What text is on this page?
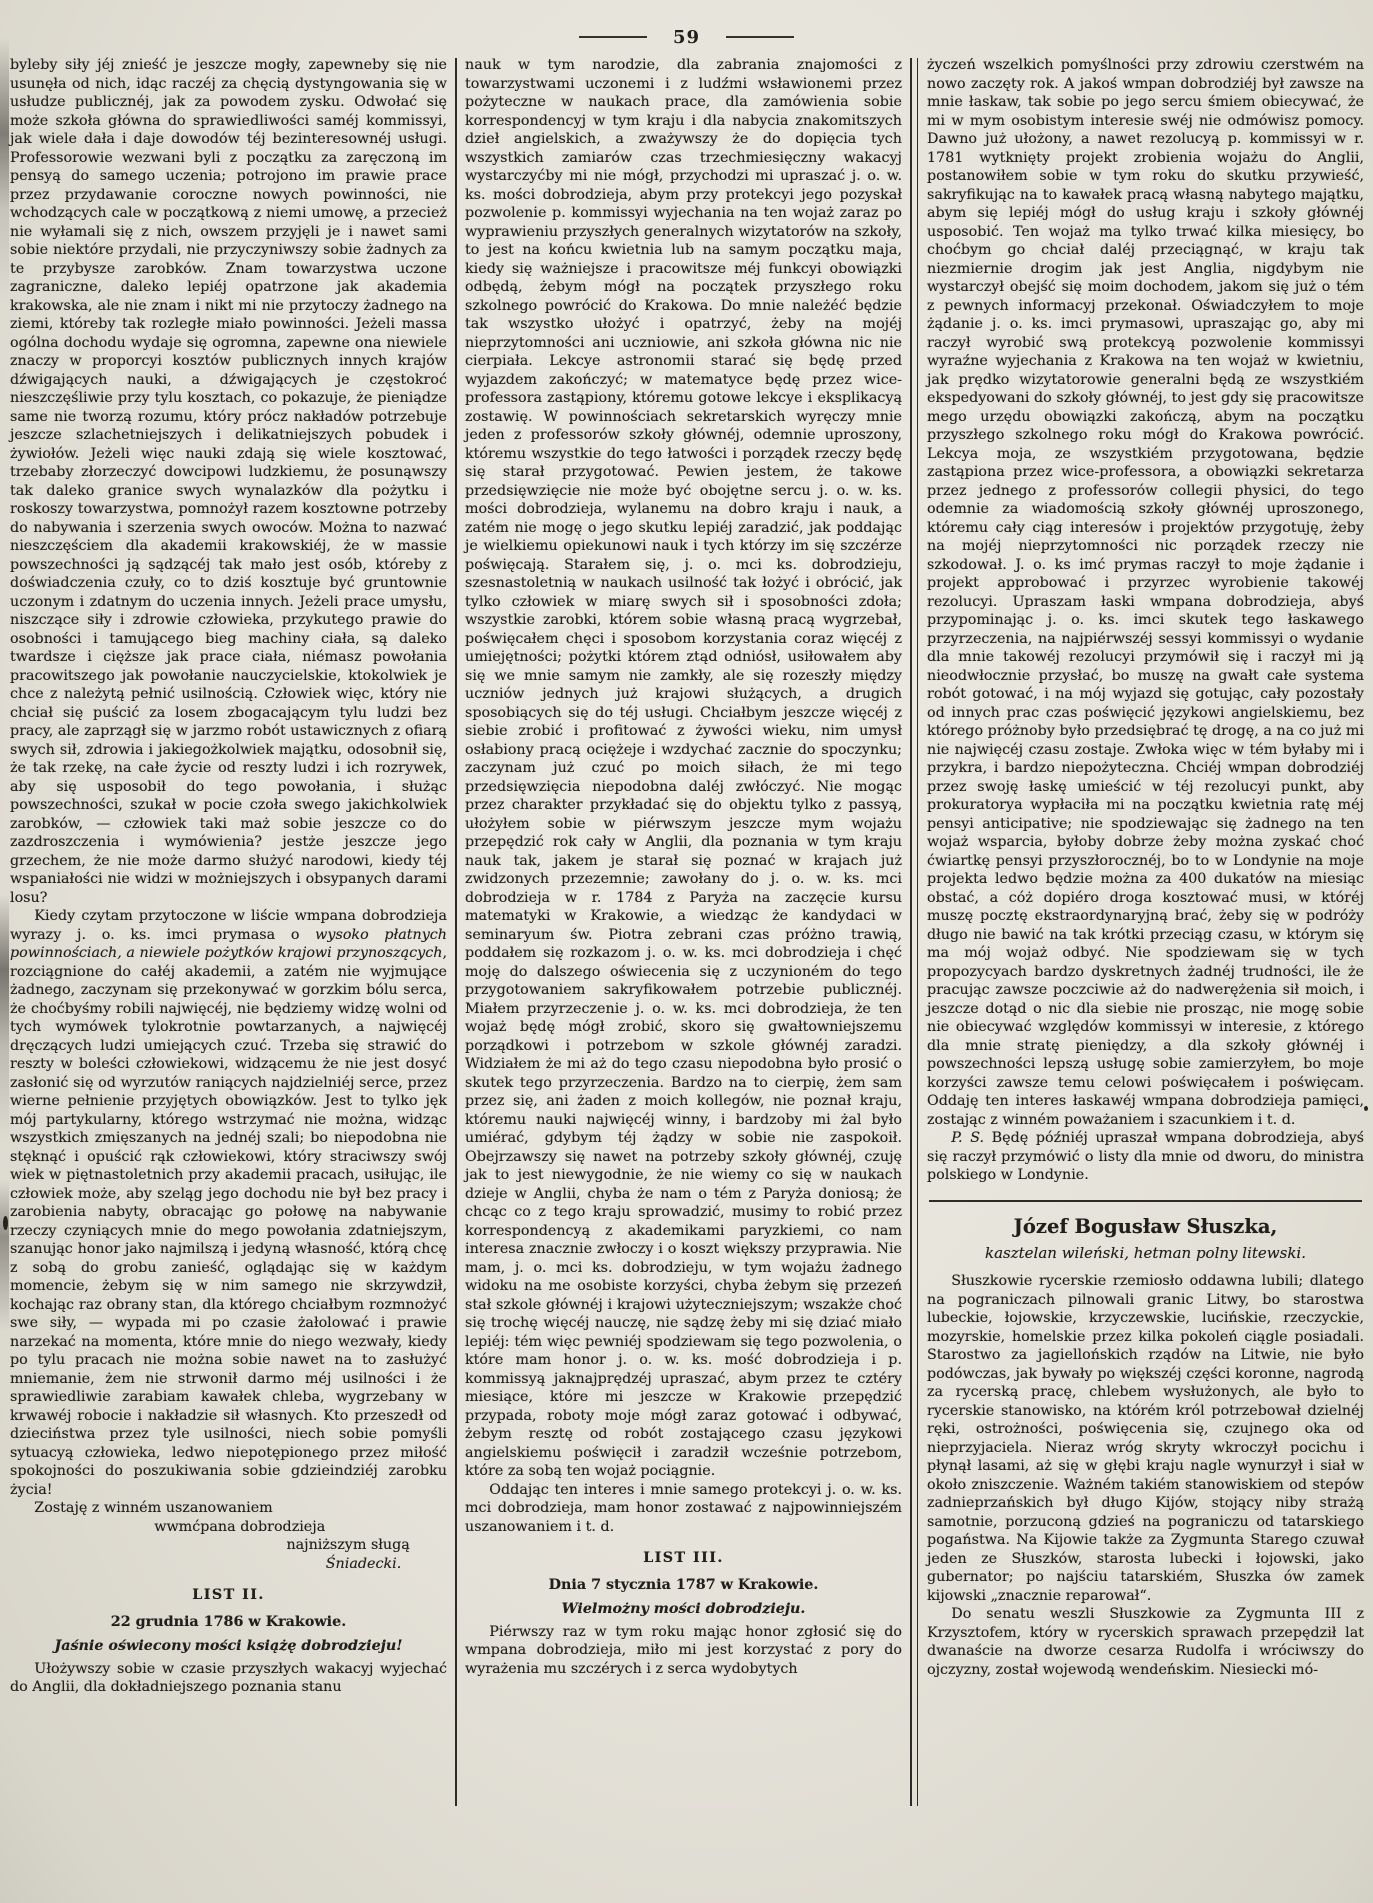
59

byleby siły jéj znieść je jeszcze mogły, zapewneby się nie usunęła od nich, idąc raczéj za chęcią dystyngowania się w usłudze publicznéj, jak za powodem zysku. Odwołać się może szkoła główna do sprawiedliwości saméj kommissyi, jak wiele dała i daje dowodów téj bezinteresownéj usługi. Professorowie wezwani byli z początku za zaręczoną im pensyą do samego uczenia; potrojono im prawie prace przez przydawanie coroczne nowych powinności, nie wchodzących cale w początkową z niemi umowę, a przecież nie wyłamali się z nich, owszem przyjęli je i nawet sami sobie niektóre przydali, nie przyczyniwszy sobie żadnych za te przybysze zarobków. Znam towarzystwa uczone zagraniczne, daleko lepiéj opatrzone jak akademia krakowska, ale nie znam i nikt mi nie przytoczy żadnego na ziemi, któreby tak rozległe miało powinności. Jeżeli massa ogólna dochodu wydaje się ogromna, zapewne ona niewiele znaczy w proporcyi kosztów publicznych innych krajów dźwigających nauki, a dźwigających je częstokroć nieszczęśliwie przy tylu kosztach, co pokazuje, że pieniądze same nie tworzą rozumu, który prócz nakładów potrzebuje jeszcze szlachetniejszych i delikatniejszych pobudek i żywiołów. Jeżeli więc nauki zdają się wiele kosztować, trzebaby złorzeczyć dowcipowi ludzkiemu, że posunąwszy tak daleko granice swych wynalazków dla pożytku i roskoszy towarzystwa, pomnożył razem kosztowne potrzeby do nabywania i szerzenia swych owoców. Można to nazwać nieszczęściem dla akademii krakowskiéj, że w massie powszechności ją sądzącéj tak mało jest osób, któreby z doświadczenia czuły, co to dziś kosztuje być gruntownie uczonym i zdatnym do uczenia innych. Jeżeli prace umysłu, niszczące siły i zdrowie człowieka, przykutego prawie do osobności i tamującego bieg machiny ciała, są daleko twardsze i cięższe jak prace ciała, niémasz powołania pracowitszego jak powołanie nauczycielskie, ktokolwiek je chce z należytą pełnić usilnością. Człowiek więc, który nie chciał się puścić za losem zbogacającym tylu ludzi bez pracy, ale zaprzągł się w jarzmo robót ustawicznych z ofiarą swych sił, zdrowia i jakiegożkolwiek majątku, odosobnił się, że tak rzekę, na całe życie od reszty ludzi i ich rozrywek, aby się usposobił do tego powołania, i służąc powszechności, szukał w pocie czoła swego jakichkolwiek zarobków, — człowiek taki maż sobie jeszcze co do zazdroszczenia i wymówienia? jestże jeszcze jego grzechem, że nie może darmo służyć narodowi, kiedy téj wspaniałości nie widzi w możniejszych i obsypanych darami losu?

Kiedy czytam przytoczone w liście wmpana dobrodzieja wyrazy j. o. ks. imci prymasa o wysoko płatnych powinnościach, a niewiele pożytków krajowi przynoszących, rozciągnione do całéj akademii, a zatém nie wyjmujące żadnego, zaczynam się przekonywać w gorzkim bólu serca, że choćbyśmy robili najwięcéj, nie będziemy widzę wolni od tych wymówek tylokrotnie powtarzanych, a najwięcéj dręczących ludzi umiejących czuć. Trzeba się strawić do reszty w boleści człowiekowi, widzącemu że nie jest dosyć zasłonić się od wyrzutów raniących najdzielniéj serce, przez wierne pełnienie przyjętych obowiązków. Jest to tylko jęk mój partykularny, którego wstrzymać nie można, widząc wszystkich zmięszanych na jednéj szali; bo niepodobna nie stęknąć i opuścić rąk człowiekowi, który straciwszy swój wiek w piętnastoletnich przy akademii pracach, usiłując, ile człowiek może, aby szeląg jego dochodu nie był bez pracy i zarobienia nabyty, obracając go połowę na nabywanie rzeczy czyniących mnie do mego powołania zdatniejszym, szanując honor jako najmilszą i jedyną własność, którą chcę z sobą do grobu zanieść, oglądając się w każdym momencie, żebym się w nim samego nie skrzywdził, kochając raz obrany stan, dla którego chciałbym rozmnożyć swe siły, — wypada mi po czasie żałolować i prawie narzekać na momenta, które mnie do niego wezwały, kiedy po tylu pracach nie można sobie nawet na to zasłużyć mniemanie, żem nie strwonił darmo méj usilności i że sprawiedliwie zarabiam kawałek chleba, wygrzebany w krwawéj robocie i nakładzie sił własnych. Kto przeszedł od dzieciństwa przez tyle usilności, niech sobie pomyśli sytuacyą człowieka, ledwo niepotępionego przez miłość spokojności do poszukiwania sobie gdzieindziéj zarobku życia!

Zostaję z winném uszanowaniem
wwmćpana dobrodzieja
najniższym sługą
Śniadecki.
LIST II.
22 grudnia 1786 w Krakowie.
Jaśnie oświecony mości książę dobrodzieju!

Ułożywszy sobie w czasie przyszłych wakacyj wyjechać do Anglii, dla dokładniejszego poznania stanu

nauk w tym narodzie, dla zabrania znajomości z towarzystwami uczonemi i z ludźmi wsławionemi przez pożyteczne w naukach prace, dla zamówienia sobie korrespondencyj w tym kraju i dla nabycia znakomitszych dzieł angielskich, a zważywszy że do dopięcia tych wszystkich zamiarów czas trzechmiesięczny wakacyj wystarczyćby mi nie mógł, przychodzi mi upraszać j. o. w. ks. mości dobrodzieja, abym przy protekcyi jego pozyskał pozwolenie p. kommissyi wyjechania na ten wojaż zaraz po wyprawieniu przyszłych generalnych wizytatorów na szkoły, to jest na końcu kwietnia lub na samym początku maja, kiedy się ważniejsze i pracowitsze méj funkcyi obowiązki odbędą, żebym mógł na początek przyszłego roku szkolnego powrócić do Krakowa. Do mnie należéć będzie tak wszystko ułożyć i opatrzyć, żeby na mojéj nieprzytomności ani uczniowie, ani szkoła główna nic nie cierpiała. Lekcye astronomii starać się będę przed wyjazdem zakończyć; w matematyce będę przez wice-professora zastąpiony, któremu gotowe lekcye i eksplikacyą zostawię. W powinnościach sekretarskich wyręczy mnie jeden z professorów szkoły głównéj, odemnie uproszony, któremu wszystkie do tego łatwości i porządek rzeczy będę się starał przygotować. Pewien jestem, że takowe przedsięwzięcie nie może być obojętne sercu j. o. w. ks. mości dobrodzieja, wylanemu na dobro kraju i nauk, a zatém nie mogę o jego skutku lepiéj zaradzić, jak poddając je wielkiemu opiekunowi nauk i tych którzy im się szczérze poświęcają. Starałem się, j. o. mci ks. dobrodzieju, szesnastoletnią w naukach usilność tak łożyć i obrócić, jak tylko człowiek w miarę swych sił i sposobności zdoła; wszystkie zarobki, którem sobie własną pracą wygrzebał, poświęcałem chęci i sposobom korzystania coraz więcéj z umiejętności; pożytki którem ztąd odniósł, usiłowałem aby się we mnie samym nie zamkły, ale się rozeszły między uczniów jednych już krajowi służących, a drugich sposobiących się do téj usługi. Chciałbym jeszcze więcéj z siebie zrobić i profitować z żywości wieku, nim umysł osłabiony pracą ociężeje i wzdychać zacznie do spoczynku; zaczynam już czuć po moich siłach, że mi tego przedsięwzięcia niepodobna daléj zwłóczyć. Nie mogąc przez charakter przykładać się do objektu tylko z passyą, ułożyłem sobie w piérwszym jeszcze mym wojażu przepędzić rok cały w Anglii, dla poznania w tym kraju nauk tak, jakem je starał się poznać w krajach już zwidzonych przezemnie; zawołany do j. o. w. ks. mci dobrodzieja w r. 1784 z Paryża na zaczęcie kursu matematyki w Krakowie, a wiedząc że kandydaci w seminaryum św. Piotra zebrani czas próżno trawią, poddałem się rozkazom j. o. w. ks. mci dobrodzieja i chęć moję do dalszego oświecenia się z uczynioném do tego przygotowaniem sakryfikowałem potrzebie publicznéj. Miałem przyrzeczenie j. o. w. ks. mci dobrodzieja, że ten wojaż będę mógł zrobić, skoro się gwałtowniejszemu porządkowi i potrzebom w szkole głównéj zaradzi. Widziałem że mi aż do tego czasu niepodobna było prosić o skutek tego przyrzeczenia. Bardzo na to cierpię, żem sam przez się, ani żaden z moich kollegów, nie poznał kraju, któremu nauki najwięcéj winny, i bardzoby mi żal było umiérać, gdybym téj żądzy w sobie nie zaspokoił. Obejrzawszy się nawet na potrzeby szkoły głównéj, czuję jak to jest niewygodnie, że nie wiemy co się w naukach dzieje w Anglii, chyba że nam o tém z Paryża doniosą; że chcąc co z tego kraju sprowadzić, musimy to robić przez korrespondencyą z akademikami paryzkiemi, co nam interesa znacznie zwłoczy i o koszt większy przyprawia. Nie mam, j. o. mci ks. dobrodzieju, w tym wojażu żadnego widoku na me osobiste korzyści, chyba żebym się przezeń stał szkole głównéj i krajowi użyteczniejszym; wszakże choć się trochę więcéj nauczę, nie sądzę żeby mi się dziać miało lepiéj: tém więc pewniéj spodziewam się tego pozwolenia, o które mam honor j. o. w. ks. mość dobrodzieja i p. kommissyą jaknajprędzéj upraszać, abym przez te cztéry miesiące, które mi jeszcze w Krakowie przepędzić przypada, roboty moje mógł zaraz gotować i odbywać, żebym resztę od robót zostającego czasu językowi angielskiemu poświęcił i zaradził wcześnie potrzebom, które za sobą ten wojaż pociągnie.

Oddając ten interes i mnie samego protekcyi j. o. w. ks. mci dobrodzieja, mam honor zostawać z najpowinniejszém uszanowaniem i t. d.

LIST III.
Dnia 7 stycznia 1787 w Krakowie.
Wielmożny mości dobrodzieju.

Piérwszy raz w tym roku mając honor zgłosić się do wmpana dobrodzieja, miło mi jest korzystać z pory do wyrażenia mu szczérych i z serca wydobytych

życzeń wszelkich pomyślności przy zdrowiu czerstwém na nowo zaczęty rok. A jakoś wmpan dobrodziéj był zawsze na mnie łaskaw, tak sobie po jego sercu śmiem obiecywać, że mi w mym osobistym interesie swéj nie odmówisz pomocy. Dawno już ułożony, a nawet rezolucyą p. kommissyi w r. 1781 wytknięty projekt zrobienia wojażu do Anglii, postanowiłem sobie w tym roku do skutku przywieść, sakryfikując na to kawałek pracą własną nabytego majątku, abym się lepiéj mógł do usług kraju i szkoły głównéj usposobić. Ten wojaż ma tylko trwać kilka miesięcy, bo choćbym go chciał daléj przeciągnąć, w kraju tak niezmiernie drogim jak jest Anglia, nigdybym nie wystarczył obejść się moim dochodem, jakom się już o tém z pewnych informacyj przekonał. Oświadczyłem to moje żądanie j. o. ks. imci prymasowi, upraszając go, aby mi raczył wyrobić swą protekcyą pozwolenie kommissyi wyraźne wyjechania z Krakowa na ten wojaż w kwietniu, jak prędko wizytatorowie generalni będą ze wszystkiém ekspedyowani do szkoły głównéj, to jest gdy się pracowitsze mego urzędu obowiązki zakończą, abym na początku przyszłego szkolnego roku mógł do Krakowa powrócić. Lekcya moja, ze wszystkiém przygotowana, będzie zastąpiona przez wice-professora, a obowiązki sekretarza przez jednego z professorów collegii physici, do tego odemnie za wiadomością szkoły głównéj uproszonego, któremu cały ciąg interesów i projektów przygotuję, żeby na mojéj nieprzytomności nic porządek rzeczy nie szkodował. J. o. ks imć prymas raczył to moje żądanie i projekt approbować i przyrzec wyrobienie takowéj rezolucyi. Upraszam łaski wmpana dobrodzieja, abyś przypominając j. o. ks. imci skutek tego łaskawego przyrzeczenia, na najpiérwszéj sessyi kommissyi o wydanie dla mnie takowéj rezolucyi przymówił się i raczył mi ją nieodwłocznie przysłać, bo muszę na gwałt całe systema robót gotować, i na mój wyjazd się gotując, cały pozostały od innych prac czas poświęcić językowi angielskiemu, bez którego próżnoby było przedsiębrać tę drogę, a na co już mi nie najwięcéj czasu zostaje. Zwłoka więc w tém byłaby mi i przykra, i bardzo niepożyteczna. Chciéj wmpan dobrodziéj przez swoję łaskę umieścić w téj rezolucyi punkt, aby prokuratorya wypłaciła mi na początku kwietnia ratę méj pensyi anticipative; nie spodziewając się żadnego na ten wojaż wsparcia, byłoby dobrze żeby można zyskać choć ćwiartkę pensyi przyszłorocznéj, bo to w Londynie na moje projekta ledwo będzie można za 400 dukatów na miesiąc obstać, a cóż dopiéro droga kosztować musi, w któréj muszę pocztę ekstraordynaryjną brać, żeby się w podróży długo nie bawić na tak krótki przeciąg czasu, w którym się ma mój wojaż odbyć. Nie spodziewam się w tych propozycyach bardzo dyskretnych żadnéj trudności, ile że pracując zawsze poczciwie aż do nadwerężenia sił moich, i jeszcze dotąd o nic dla siebie nie prosząc, nie mogę sobie nie obiecywać względów kommissyi w interesie, z którego dla mnie stratę pieniędzy, a dla szkoły głównéj i powszechności lepszą usługę sobie zamierzyłem, bo moje korzyści zawsze temu celowi poświęcałem i poświęcam. Oddaję ten interes łaskawéj wmpana dobrodzieja pamięci, zostając z winném poważaniem i szacunkiem i t. d.

P. S. Będę późniéj upraszał wmpana dobrodzieja, abyś się raczył przymówić o listy dla mnie od dworu, do ministra polskiego w Londynie.

Józef Bogusław Słuszka,
kasztelan wileński, hetman polny litewski.

Słuszkowie rycerskie rzemiosło oddawna lubili; dlatego na pograniczach pilnowali granic Litwy, bo starostwa lubeckie, łojowskie, krzyczewskie, lucińskie, rzeczyckie, mozyrskie, homelskie przez kilka pokoleń ciągle posiadali. Starostwo za jagiellońskich rządów na Litwie, nie było podówczas, jak bywały po większéj części koronne, nagrodą za rycerską pracę, chlebem wysłużonych, ale było to rycerskie stanowisko, na którém król potrzebował dzielnéj ręki, ostrożności, poświęcenia się, czujnego oka od nieprzyjaciela. Nieraz wróg skryty wkroczył pocichu i płynął lasami, aż się w głębi kraju nagle wynurzył i siał w około zniszczenie. Ważném takiém stanowiskiem od stepów zadnieprzańskich był długo Kijów, stojący niby strażą samotnie, porzuconą gdzieś na pograniczu od tatarskiego pogaństwa. Na Kijowie także za Zygmunta Starego czuwał jeden ze Słuszków, starosta lubecki i łojowski, jako gubernator; po najściu tatarskiém, Słuszka ów zamek kijowski „znacznie reparował“.

Do senatu weszli Słuszkowie za Zygmunta III z Krzysztofem, który w rycerskich sprawach przepędził lat dwanaście na dworze cesarza Rudolfa i wróciwszy do ojczyzny, został wojewodą wendeńskim. Niesiecki mó-
